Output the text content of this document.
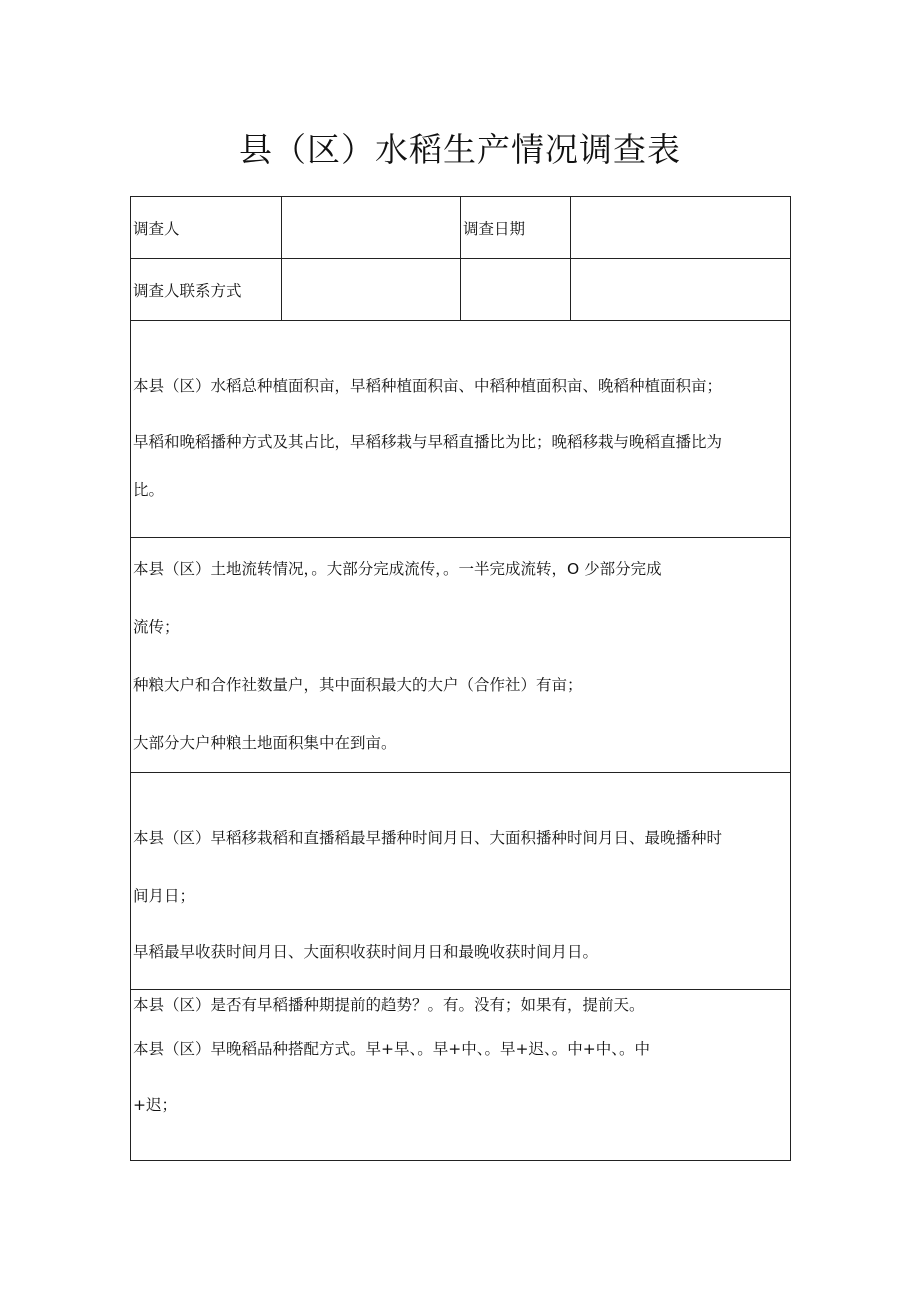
县（区）水稻生产情况调查表
调查人		调查日期	
调查人联系方式			

本县（区）水稻总种植面积亩，早稻种植面积亩、中稻种植面积亩、晚稻种植面积亩；
早稻和晚稻播种方式及其占比，早稻移栽与早稻直播比为比；晚稻移栽与晚稻直播比为
比。			

本县（区）土地流转情况，。大部分完成流传，。一半完成流转，O 少部分完成
流传；
种粮大户和合作社数量户，其中面积最大的大户（合作社）有亩；
大部分大户种粮土地面积集中在到亩。			

本县（区）早稻移栽稻和直播稻最早播种时间月日、大面积播种时间月日、最晚播种时
间月日；
早稻最早收获时间月日、大面积收获时间月日和最晚收获时间月日。			

本县（区）是否有早稻播种期提前的趋势？。有。没有；如果有，提前天。
本县（区）早晚稻品种搭配方式。早+早、。早+中、。早+迟、。中+中、。中
+迟；			
